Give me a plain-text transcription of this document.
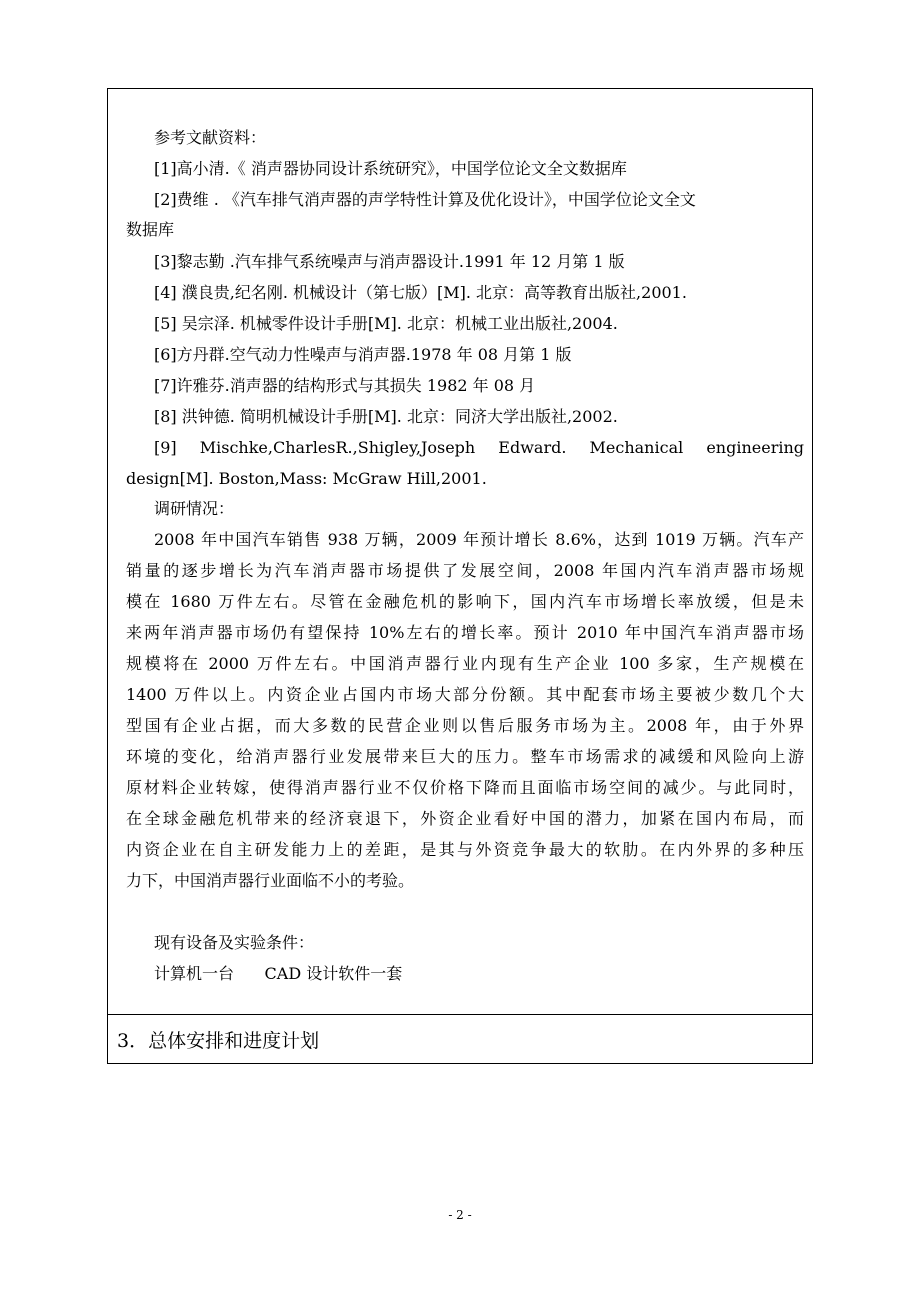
参考文献资料：
[1]高小清.《 消声器协同设计系统研究》，中国学位论文全文数据库
[2]费维 . 《汽车排气消声器的声学特性计算及优化设计》，中国学位论文全文
数据库
[3]黎志勤 .汽车排气系统噪声与消声器设计.1991 年 12 月第 1 版
[4] 濮良贵,纪名刚. 机械设计（第七版）[M]. 北京：高等教育出版社,2001.
[5] 吴宗泽. 机械零件设计手册[M]. 北京：机械工业出版社,2004.
[6]方丹群.空气动力性噪声与消声器.1978 年 08 月第 1 版
[7]许雅芬.消声器的结构形式与其损失 1982 年 08 月
[8] 洪钟德. 简明机械设计手册[M]. 北京：同济大学出版社,2002.
[9] Mischke,CharlesR.,Shigley,Joseph Edward. Mechanical engineering
design[M]. Boston,Mass: McGraw Hill,2001.
调研情况：
2008 年中国汽车销售 938 万辆，2009 年预计增长 8.6%，达到 1019 万辆。汽车产
销量的逐步增长为汽车消声器市场提供了发展空间，2008 年国内汽车消声器市场规
模在 1680 万件左右。尽管在金融危机的影响下，国内汽车市场增长率放缓，但是未
来两年消声器市场仍有望保持 10%左右的增长率。预计 2010 年中国汽车消声器市场
规模将在 2000 万件左右。中国消声器行业内现有生产企业 100 多家，生产规模在
1400 万件以上。内资企业占国内市场大部分份额。其中配套市场主要被少数几个大
型国有企业占据，而大多数的民营企业则以售后服务市场为主。2008 年，由于外界
环境的变化，给消声器行业发展带来巨大的压力。整车市场需求的减缓和风险向上游
原材料企业转嫁，使得消声器行业不仅价格下降而且面临市场空间的减少。与此同时，
在全球金融危机带来的经济衰退下，外资企业看好中国的潜力，加紧在国内布局，而
内资企业在自主研发能力上的差距，是其与外资竞争最大的软肋。在内外界的多种压
力下，中国消声器行业面临不小的考验。
现有设备及实验条件：
计算机一台      CAD 设计软件一套
3．总体安排和进度计划
- 2 -
